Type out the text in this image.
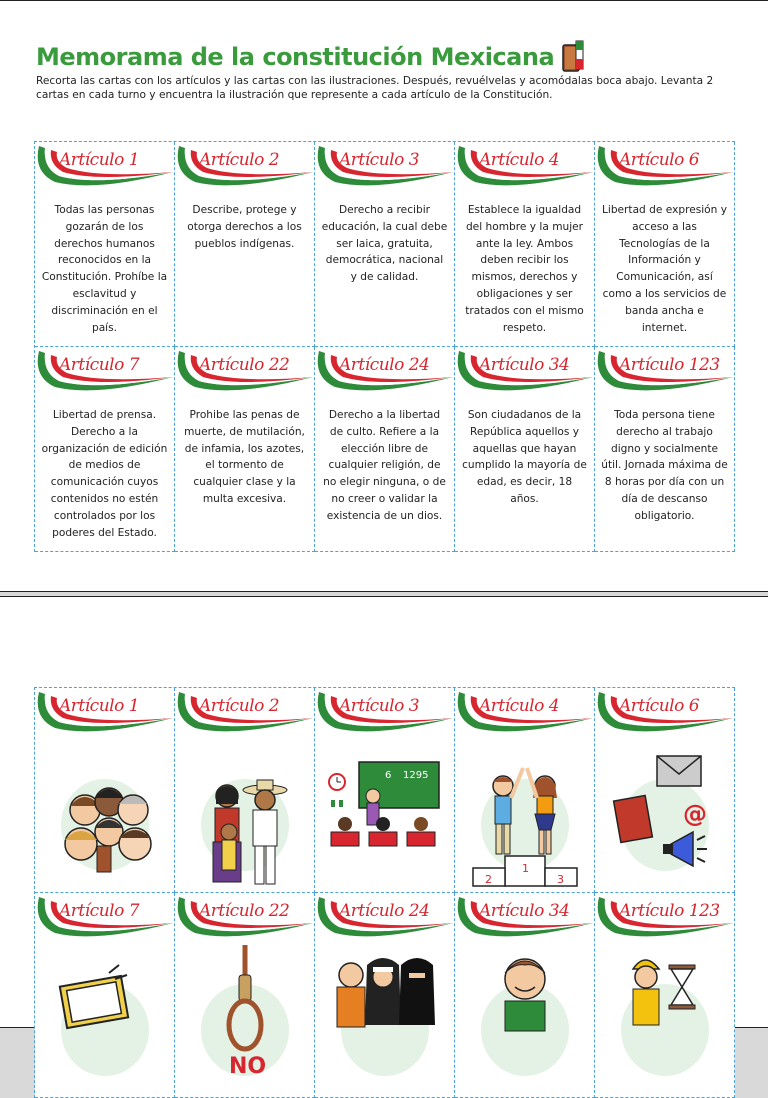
Memorama de la constitución Mexicana
Recorta las cartas con los artículos y las cartas con las ilustraciones. Después, revuélvelas y acomódalas boca abajo. Levanta 2 cartas en cada turno y encuentra la ilustración que represente a cada artículo de la Constitución.
Artículo 1
Todas las personas gozarán de los derechos humanos reconocidos en la Constitución. Prohíbe la esclavitud y discriminación en el país.
Artículo 2
Describe, protege y otorga derechos a los pueblos indígenas.
Artículo 3
Derecho a recibir educación, la cual debe ser laica, gratuita, democrática, nacional y de calidad.
Artículo 4
Establece la igualdad del hombre y la mujer ante la ley. Ambos deben recibir los mismos, derechos y obligaciones y ser tratados con el mismo respeto.
Artículo 6
Libertad de expresión y acceso a las Tecnologías de la Información y Comunicación, así como a los servicios de banda ancha e internet.
Artículo 7
Libertad de prensa. Derecho a la organización de edición de medios de comunicación cuyos contenidos no estén controlados por los poderes del Estado.
Artículo 22
Prohibe las penas de muerte, de mutilación, de infamia, los azotes, el tormento de cualquier clase y la multa excesiva.
Artículo 24
Derecho a la libertad de culto. Refiere a la elección libre de cualquier religión, de no elegir ninguna, o de no creer o validar la existencia de un dios.
Artículo 34
Son ciudadanos de la República aquellos y aquellas que hayan cumplido la mayoría de edad, es decir, 18 años.
Artículo 123
Toda persona tiene derecho al trabajo digno y socialmente útil. Jornada máxima de 8 horas por día con un día de descanso obligatorio.
Artículo 1	Artículo 2	Artículo 3
6 1295
Artículo 4
1
2	3
Artículo 6
@
Artículo 7	Artículo 22
NO
Artículo 24	Artículo 34	Artículo 123
